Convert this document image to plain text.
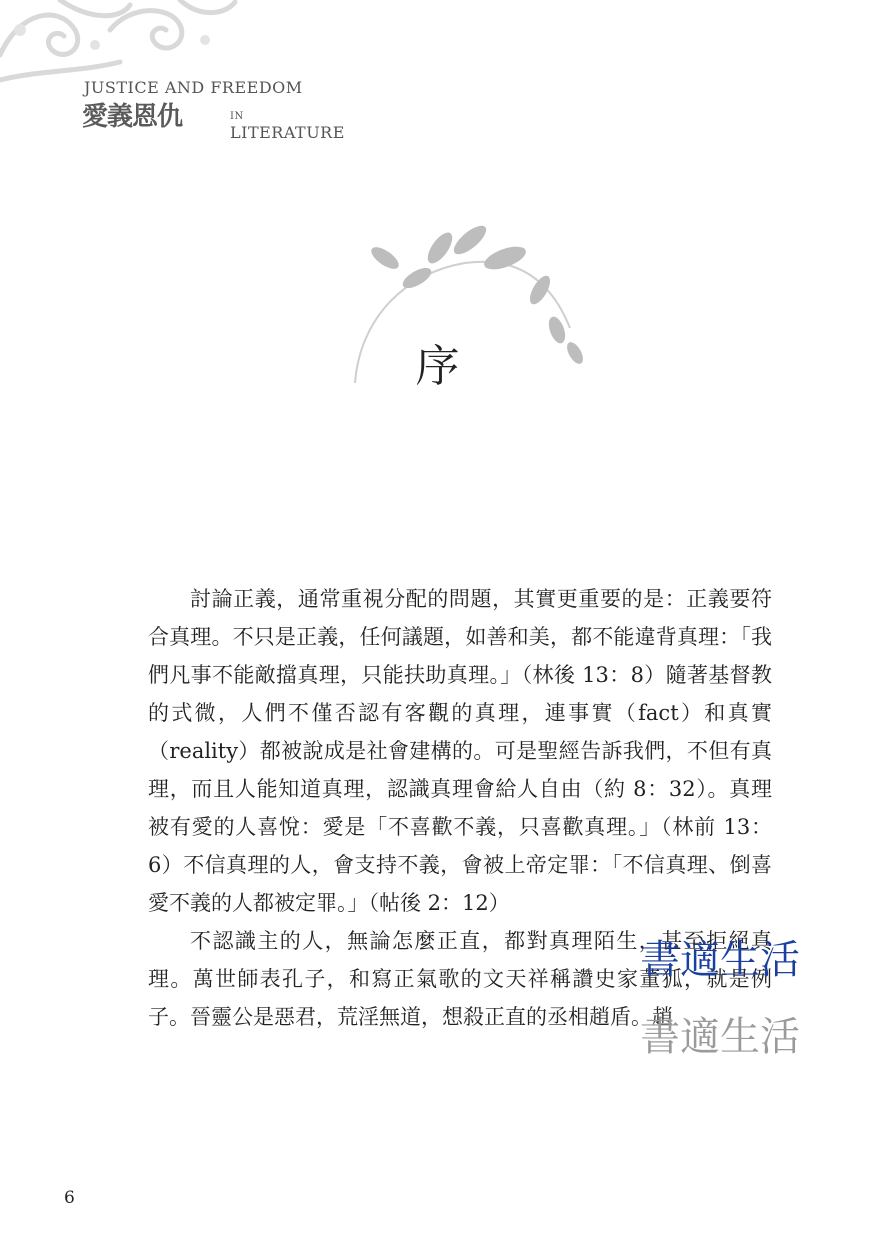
JUSTICE AND FREEDOM
愛義恩仇	IN LITERATURE
序

討論正義，通常重視分配的問題，其實更重要的是：正義要符合真理。不只是正義，任何議題，如善和美，都不能違背真理：「我們凡事不能敵擋真理，只能扶助真理。」（林後 13：8）隨著基督教的式微，人們不僅否認有客觀的真理，連事實（fact）和真實（reality）都被說成是社會建構的。可是聖經告訴我們，不但有真理，而且人能知道真理，認識真理會給人自由（約 8：32）。真理被有愛的人喜悅：愛是「不喜歡不義，只喜歡真理。」（林前 13：6）不信真理的人，會支持不義，會被上帝定罪：「不信真理、倒喜愛不義的人都被定罪。」（帖後 2：12）

不認識主的人，無論怎麼正直，都對真理陌生，甚至拒絕真理。萬世師表孔子，和寫正氣歌的文天祥稱讚史家董狐，就是例子。晉靈公是惡君，荒淫無道，想殺正直的丞相趙盾。趙

書適生活
書適生活
6
